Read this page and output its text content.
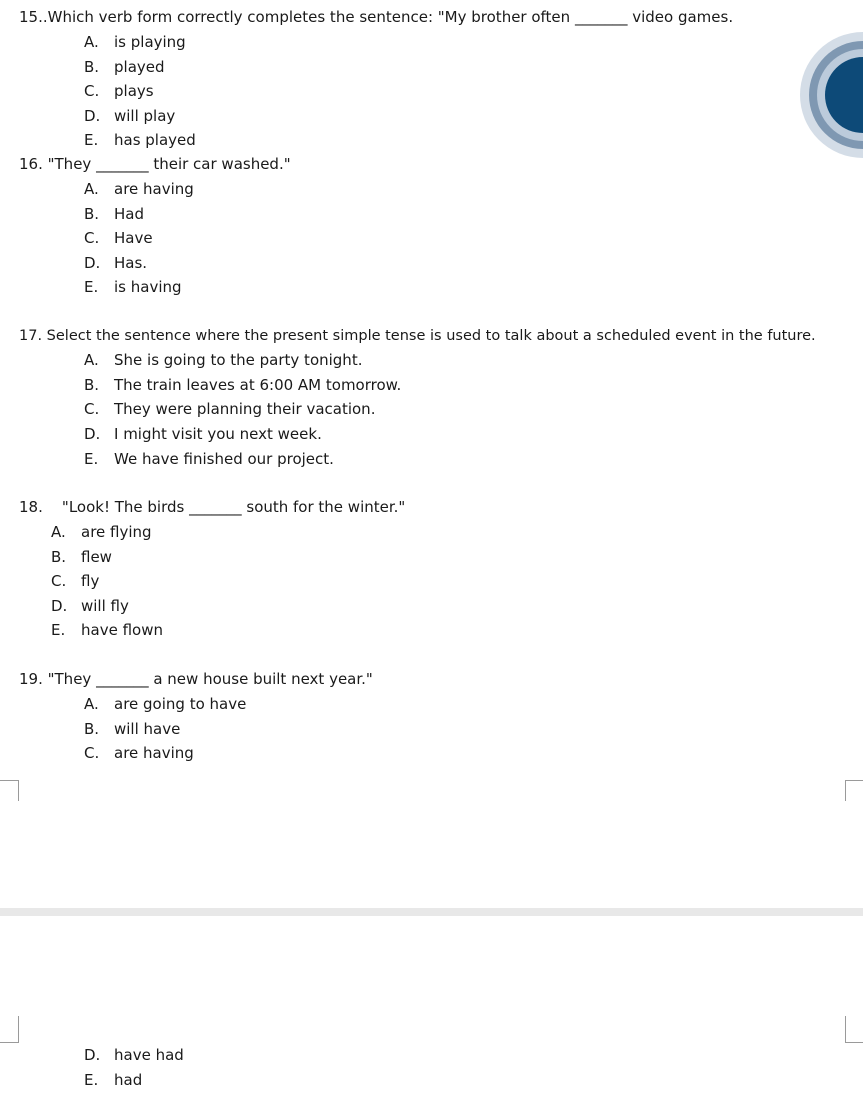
15..Which verb form correctly completes the sentence: "My brother often _______ video games.
A. is playing
B. played
C. plays
D. will play
E. has played
16. "They _______ their car washed."
A. are having
B. Had
C. Have
D. Has.
E. is having
17. Select the sentence where the present simple tense is used to talk about a scheduled event in the future.
A. She is going to the party tonight.
B. The train leaves at 6:00 AM tomorrow.
C. They were planning their vacation.
D. I might visit you next week.
E. We have finished our project.
18.    "Look! The birds _______ south for the winter."
A. are flying
B. flew
C. fly
D. will fly
E. have flown
19. "They _______ a new house built next year."
A. are going to have
B. will have
C. are having
D. have had
E. had
